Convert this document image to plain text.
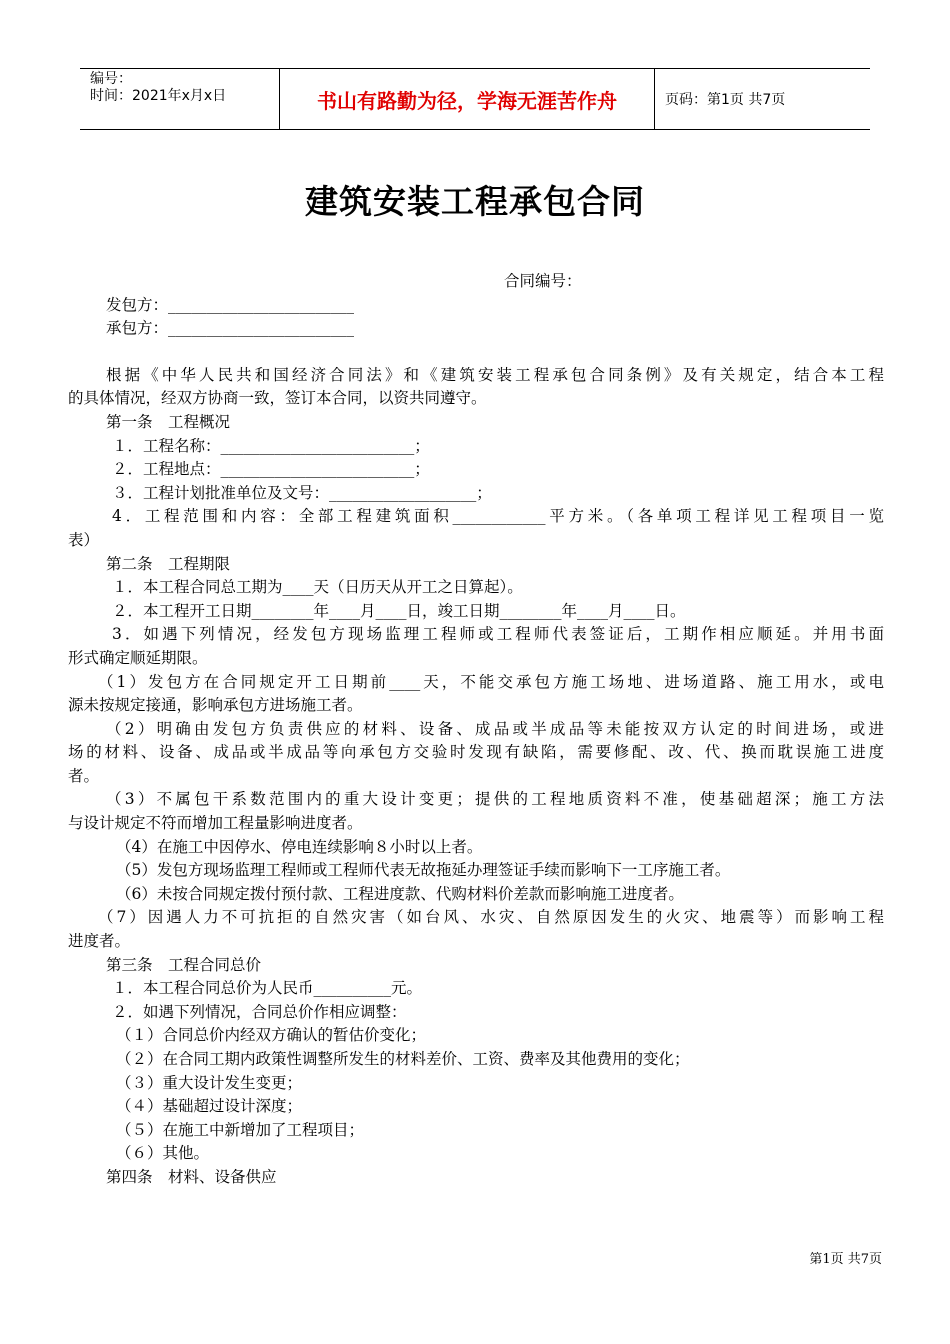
编号：
时间：2021年x月x日	书山有路勤为径，学海无涯苦作舟	页码：第1页 共7页
建筑安装工程承包合同
合同编号：
发包方：________________________
承包方：________________________
根据《中华人民共和国经济合同法》和《建筑安装工程承包合同条例》及有关规定，结合本工程
的具体情况，经双方协商一致，签订本合同，以资共同遵守。
第一条　工程概况
１．工程名称：_________________________；
２．工程地点：_________________________；
３．工程计划批准单位及文号：___________________；
4．工程范围和内容：全部工程建筑面积____________平方米。（各单项工程详见工程项目一览
表）
第二条　工程期限
１．本工程合同总工期为____天（日历天从开工之日算起）。
２．本工程开工日期________年____月____日，竣工日期________年____月____日。
3．如遇下列情况，经发包方现场监理工程师或工程师代表签证后，工期作相应顺延。并用书面
形式确定顺延期限。
（1）发包方在合同规定开工日期前____天，不能交承包方施工场地、进场道路、施工用水，或电
源未按规定接通，影响承包方进场施工者。
（2）明确由发包方负责供应的材料、设备、成品或半成品等未能按双方认定的时间进场，或进
场的材料、设备、成品或半成品等向承包方交验时发现有缺陷，需要修配、改、代、换而耽误施工进度
者。
（3）不属包干系数范围内的重大设计变更；提供的工程地质资料不准，使基础超深；施工方法
与设计规定不符而增加工程量影响进度者。
（4）在施工中因停水、停电连续影响８小时以上者。
（5）发包方现场监理工程师或工程师代表无故拖延办理签证手续而影响下一工序施工者。
（6）未按合同规定拨付预付款、工程进度款、代购材料价差款而影响施工进度者。
（7）因遇人力不可抗拒的自然灾害（如台风、水灾、自然原因发生的火灾、地震等）而影响工程
进度者。
第三条　工程合同总价
１．本工程合同总价为人民币__________元。
２．如遇下列情况，合同总价作相应调整：
（１）合同总价内经双方确认的暂估价变化；
（２）在合同工期内政策性调整所发生的材料差价、工资、费率及其他费用的变化；
（３）重大设计发生变更；
（４）基础超过设计深度；
（５）在施工中新增加了工程项目；
（６）其他。
第四条　材料、设备供应
第1页 共7页
